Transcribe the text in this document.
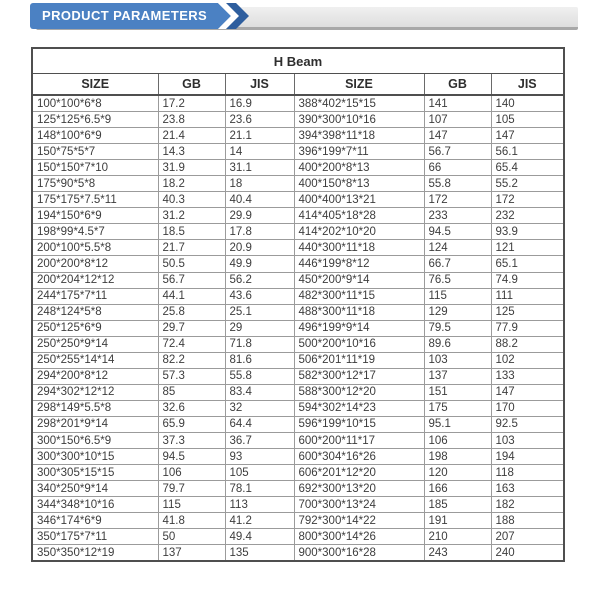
PRODUCT PARAMETERS
H Beam					
SIZE	GB	JIS	SIZE	GB	JIS
100*100*6*8	17.2	16.9	388*402*15*15	141	140
125*125*6.5*9	23.8	23.6	390*300*10*16	107	105
148*100*6*9	21.4	21.1	394*398*11*18	147	147
150*75*5*7	14.3	14	396*199*7*11	56.7	56.1
150*150*7*10	31.9	31.1	400*200*8*13	66	65.4
175*90*5*8	18.2	18	400*150*8*13	55.8	55.2
175*175*7.5*11	40.3	40.4	400*400*13*21	172	172
194*150*6*9	31.2	29.9	414*405*18*28	233	232
198*99*4.5*7	18.5	17.8	414*202*10*20	94.5	93.9
200*100*5.5*8	21.7	20.9	440*300*11*18	124	121
200*200*8*12	50.5	49.9	446*199*8*12	66.7	65.1
200*204*12*12	56.7	56.2	450*200*9*14	76.5	74.9
244*175*7*11	44.1	43.6	482*300*11*15	115	111
248*124*5*8	25.8	25.1	488*300*11*18	129	125
250*125*6*9	29.7	29	496*199*9*14	79.5	77.9
250*250*9*14	72.4	71.8	500*200*10*16	89.6	88.2
250*255*14*14	82.2	81.6	506*201*11*19	103	102
294*200*8*12	57.3	55.8	582*300*12*17	137	133
294*302*12*12	85	83.4	588*300*12*20	151	147
298*149*5.5*8	32.6	32	594*302*14*23	175	170
298*201*9*14	65.9	64.4	596*199*10*15	95.1	92.5
300*150*6.5*9	37.3	36.7	600*200*11*17	106	103
300*300*10*15	94.5	93	600*304*16*26	198	194
300*305*15*15	106	105	606*201*12*20	120	118
340*250*9*14	79.7	78.1	692*300*13*20	166	163
344*348*10*16	115	113	700*300*13*24	185	182
346*174*6*9	41.8	41.2	792*300*14*22	191	188
350*175*7*11	50	49.4	800*300*14*26	210	207
350*350*12*19	137	135	900*300*16*28	243	240
